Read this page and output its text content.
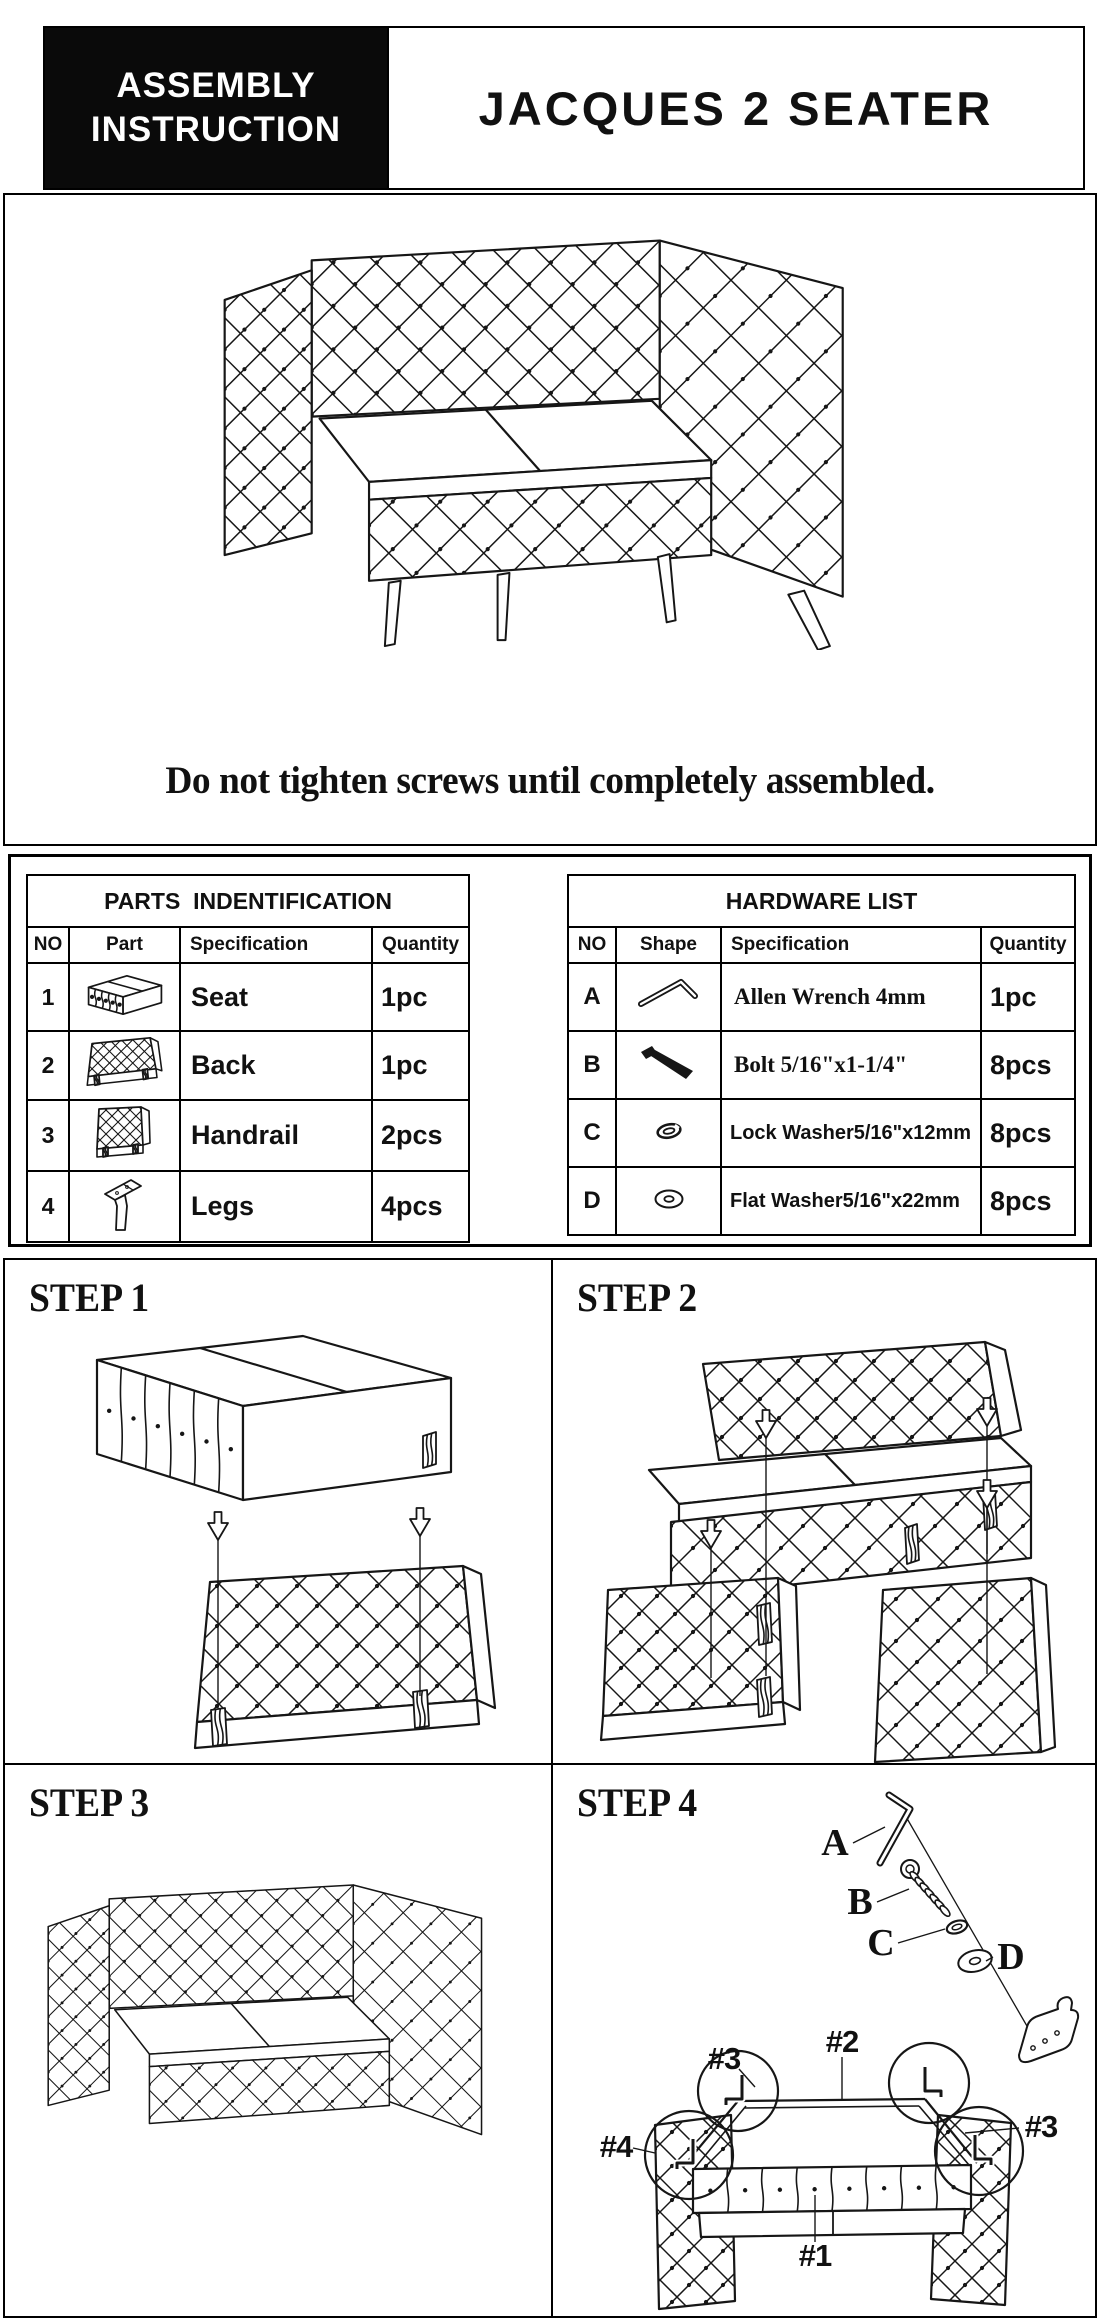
ASSEMBLY
INSTRUCTION	JACQUES 2 SEATER
Do not tighten screws until completely assembled.
PARTS  INDENTIFICATION			
NO	Part	Specification	Quantity
1		Seat	1pc
2		Back	1pc
3		Handrail	2pcs
4		Legs	4pcs
HARDWARE LIST			
NO	Shape	Specification	Quantity
A		Allen Wrench 4mm	1pc
B		Bolt 5/16"x1-1/4"	8pcs
C		Lock Washer5/16"x12mm	8pcs
D		Flat Washer5/16"x22mm	8pcs
STEP 1	STEP 2
STEP 3	STEP 4
A
B
C	D
#2
#3
#3
#4
#1
